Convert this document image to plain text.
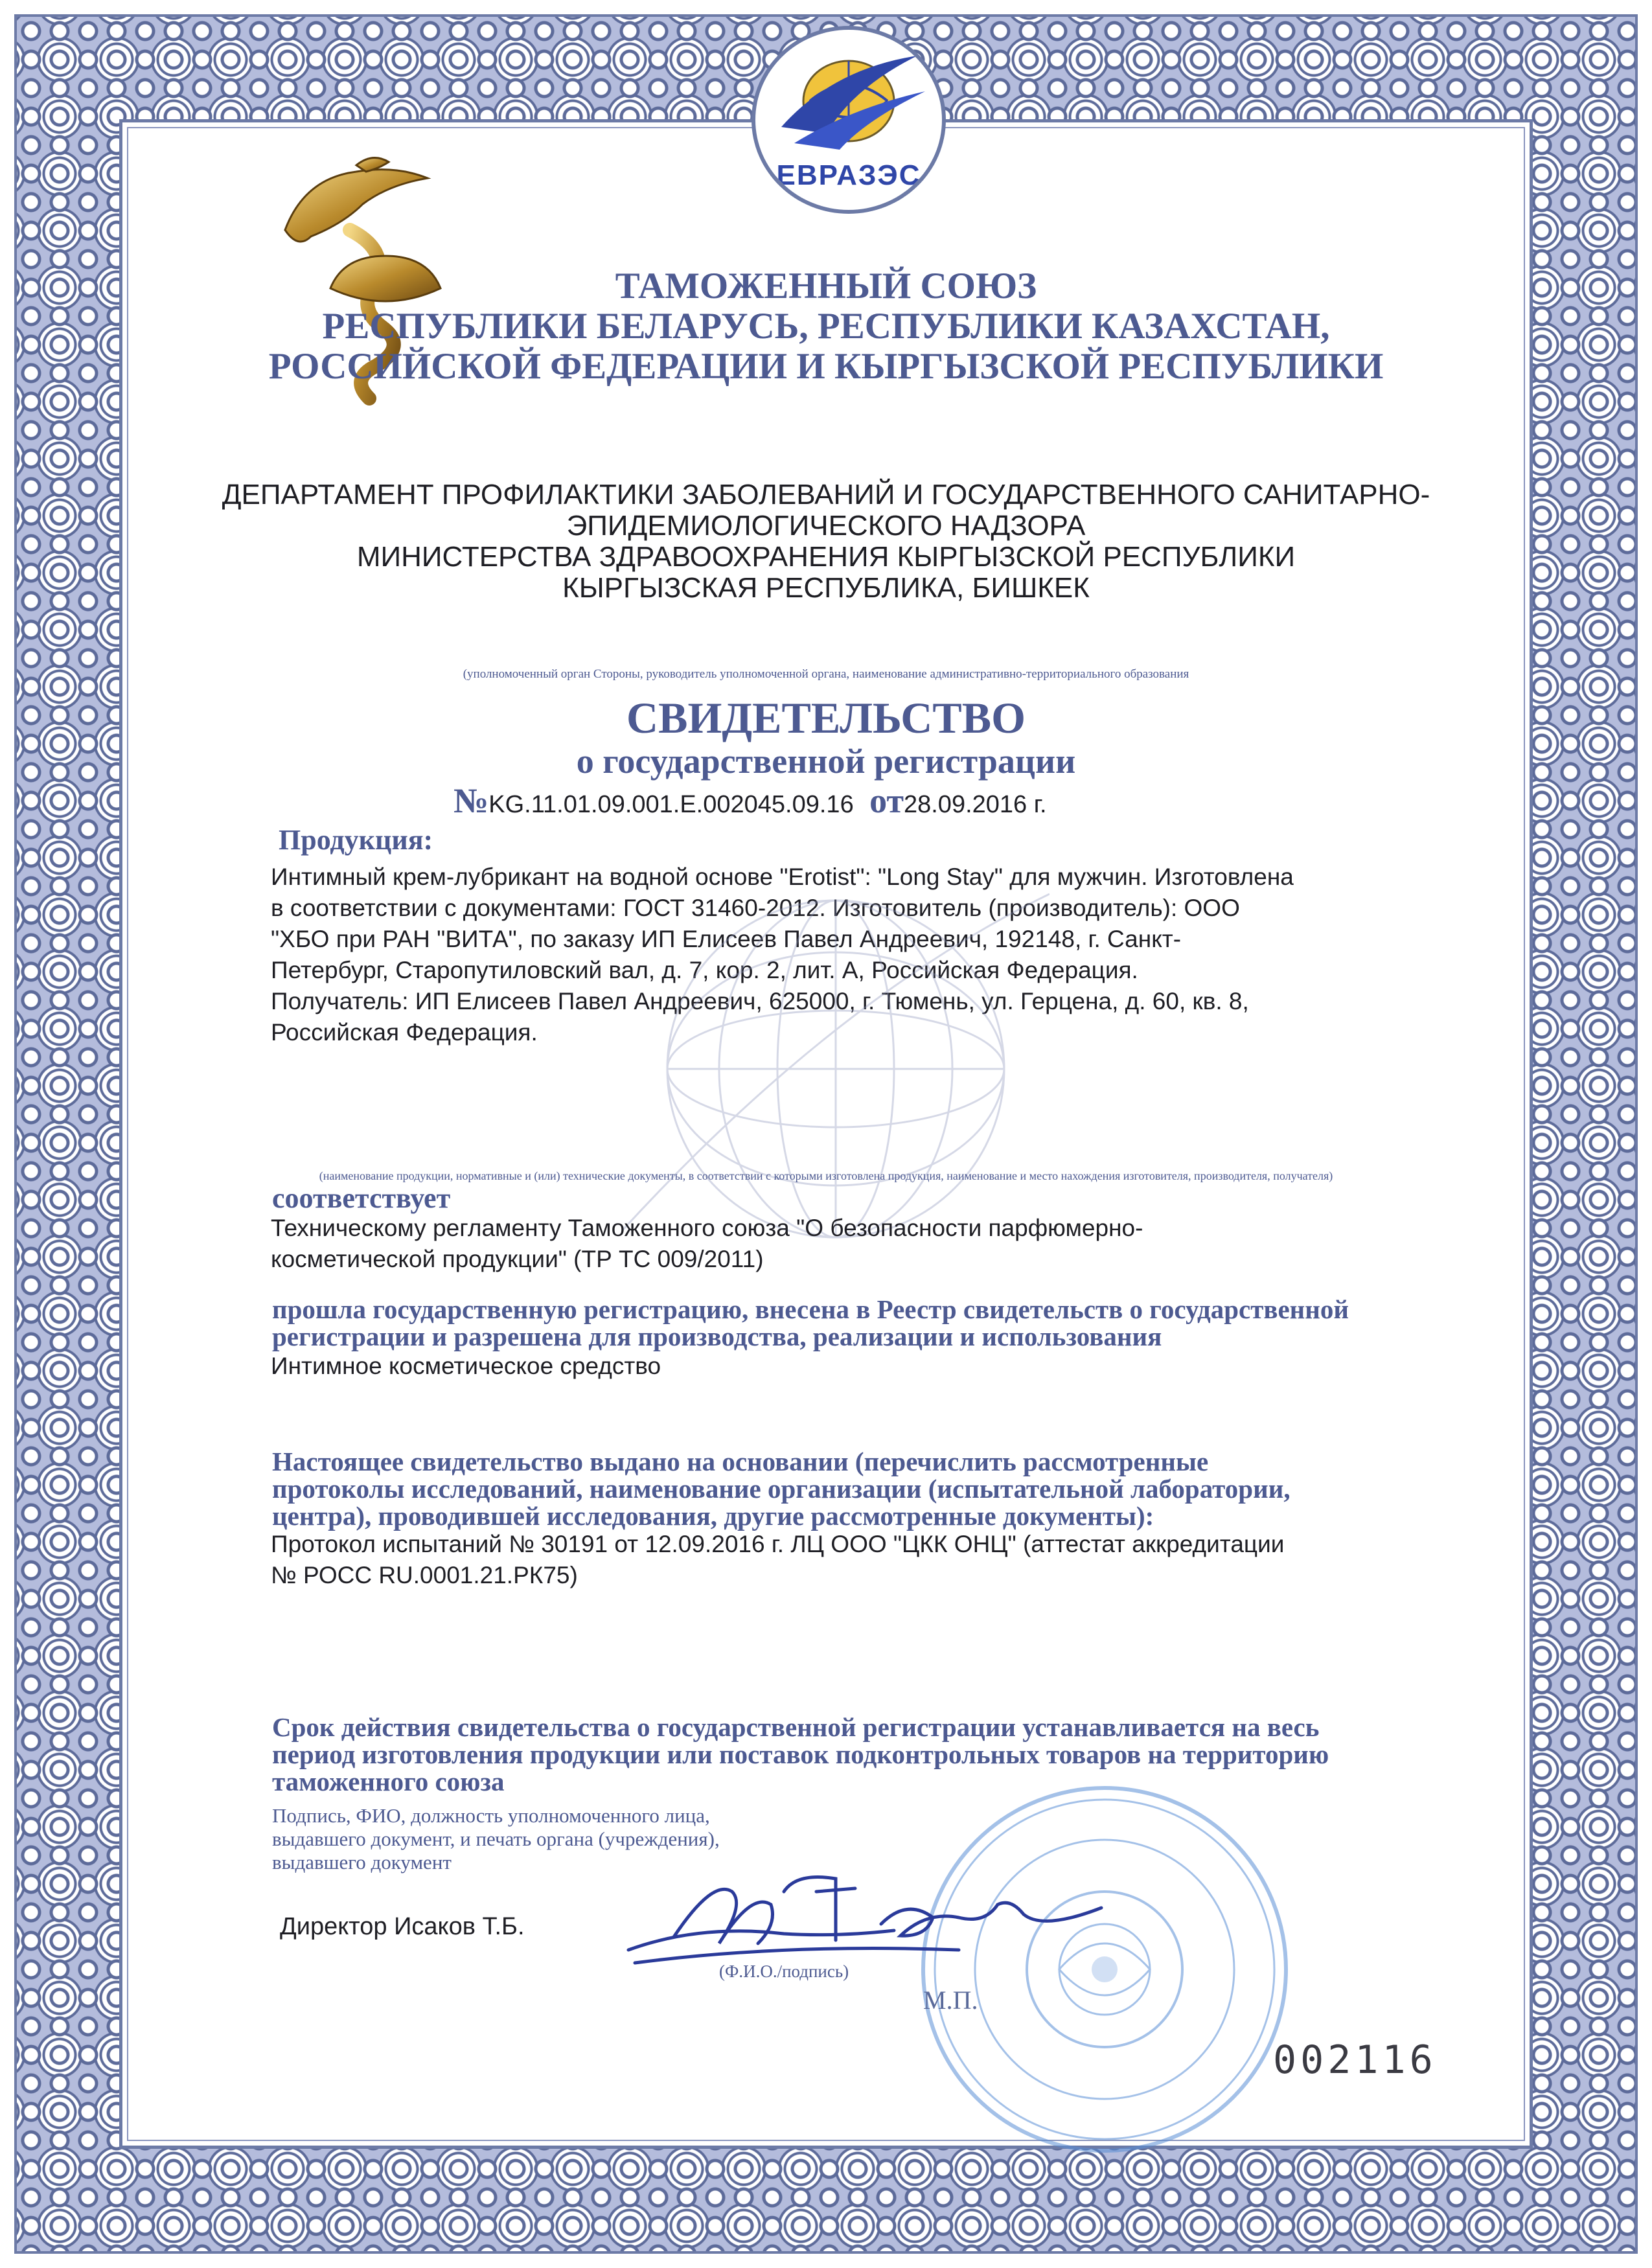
ЕВРАЗЭС
ТАМОЖЕННЫЙ СОЮЗ
РЕСПУБЛИКИ БЕЛАРУСЬ, РЕСПУБЛИКИ КАЗАХСТАН,
РОССИЙСКОЙ ФЕДЕРАЦИИ И КЫРГЫЗСКОЙ РЕСПУБЛИКИ
ДЕПАРТАМЕНТ ПРОФИЛАКТИКИ ЗАБОЛЕВАНИЙ И ГОСУДАРСТВЕННОГО САНИТАРНО-
ЭПИДЕМИОЛОГИЧЕСКОГО НАДЗОРА
МИНИСТЕРСТВА ЗДРАВООХРАНЕНИЯ КЫРГЫЗСКОЙ РЕСПУБЛИКИ
КЫРГЫЗСКАЯ РЕСПУБЛИКА, БИШКЕК
(уполномоченный орган Стороны, руководитель уполномоченной органа, наименование административно-территориального образования
СВИДЕТЕЛЬСТВО
о государственной регистрации
№KG.11.01.09.001.E.002045.09.16 от28.09.2016 г.
Продукция:
Интимный крем-лубрикант на водной основе "Erotist": "Long Stay" для мужчин. Изготовлена
в соответствии с документами: ГОСТ 31460-2012. Изготовитель (производитель): ООО
"ХБО при РАН "ВИТА", по заказу ИП Елисеев Павел Андреевич, 192148, г. Санкт-
Петербург, Старопутиловский вал, д. 7, кор. 2, лит. А, Российская Федерация.
Получатель: ИП Елисеев Павел Андреевич, 625000, г. Тюмень, ул. Герцена, д. 60, кв. 8,
Российская Федерация.
(наименование продукции, нормативные и (или) технические документы, в соответствии с которыми изготовлена продукция, наименование и место нахождения изготовителя, производителя, получателя)
соответствует
Техническому регламенту Таможенного союза "О безопасности парфюмерно-
косметической продукции" (ТР ТС 009/2011)
прошла государственную регистрацию, внесена в Реестр свидетельств о государственной
регистрации и разрешена для производства, реализации и использования
Интимное косметическое средство
Настоящее свидетельство выдано на основании (перечислить рассмотренные
протоколы исследований, наименование организации (испытательной лаборатории,
центра), проводившей исследования, другие рассмотренные документы):
Протокол испытаний № 30191 от 12.09.2016 г. ЛЦ ООО "ЦКК ОНЦ" (аттестат аккредитации
№ РОСС RU.0001.21.РК75)
Срок действия свидетельства о государственной регистрации устанавливается на весь
период изготовления продукции или поставок подконтрольных товаров на территорию
таможенного союза
Подпись, ФИО, должность уполномоченного лица,
выдавшего документ, и печать органа (учреждения),
выдавшего документ
Директор Исаков Т.Б.
(Ф.И.О./подпись)
М.П.
002116
